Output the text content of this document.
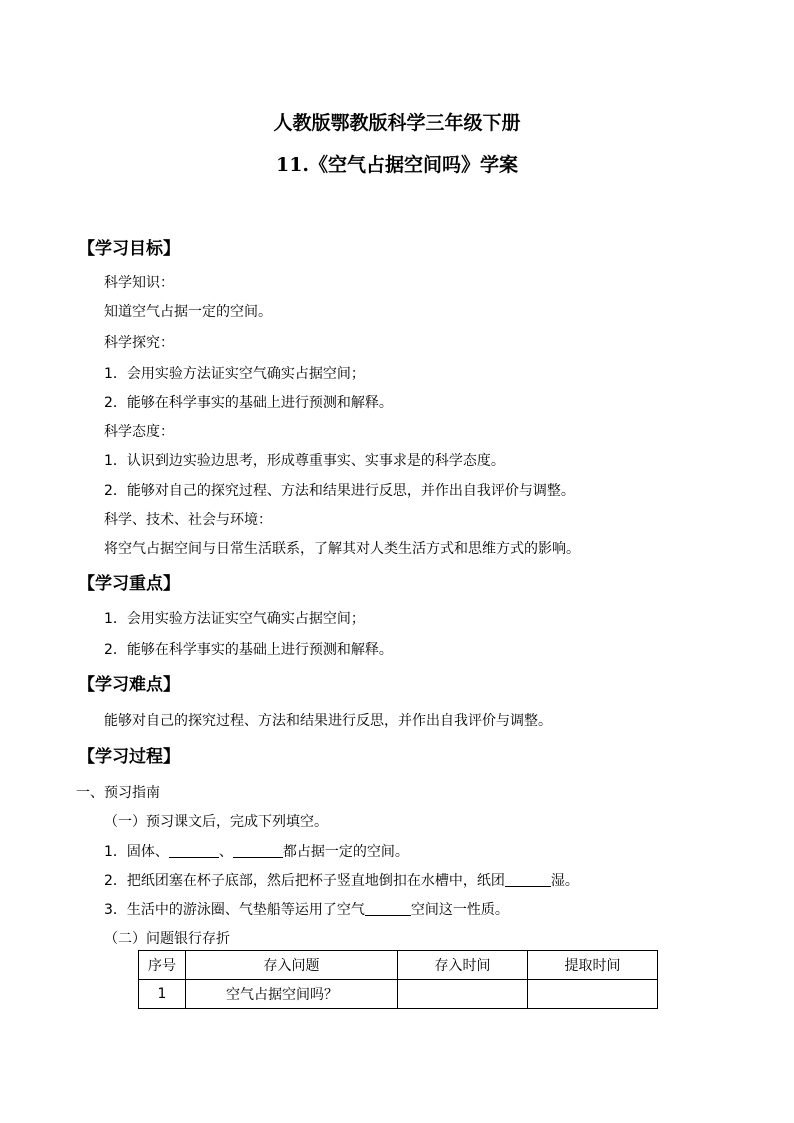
人教版鄂教版科学三年级下册
11.《空气占据空间吗》学案
【学习目标】
科学知识：
知道空气占据一定的空间。
科学探究：
1．会用实验方法证实空气确实占据空间；
2．能够在科学事实的基础上进行预测和解释。
科学态度：
1．认识到边实验边思考，形成尊重事实、实事求是的科学态度。
2．能够对自己的探究过程、方法和结果进行反思，并作出自我评价与调整。
科学、技术、社会与环境：
将空气占据空间与日常生活联系，了解其对人类生活方式和思维方式的影响。
【学习重点】
1．会用实验方法证实空气确实占据空间；
2．能够在科学事实的基础上进行预测和解释。
【学习难点】
能够对自己的探究过程、方法和结果进行反思，并作出自我评价与调整。
【学习过程】
一、预习指南
（一）预习课文后，完成下列填空。
1．固体、	、	都占据一定的空间。
2．把纸团塞在杯子底部，然后把杯子竖直地倒扣在水槽中，纸团	湿。
3．生活中的游泳圈、气垫船等运用了空气	空间这一性质。
（二）问题银行存折
序号	存入问题	存入时间	提取时间
1	空气占据空间吗？		
